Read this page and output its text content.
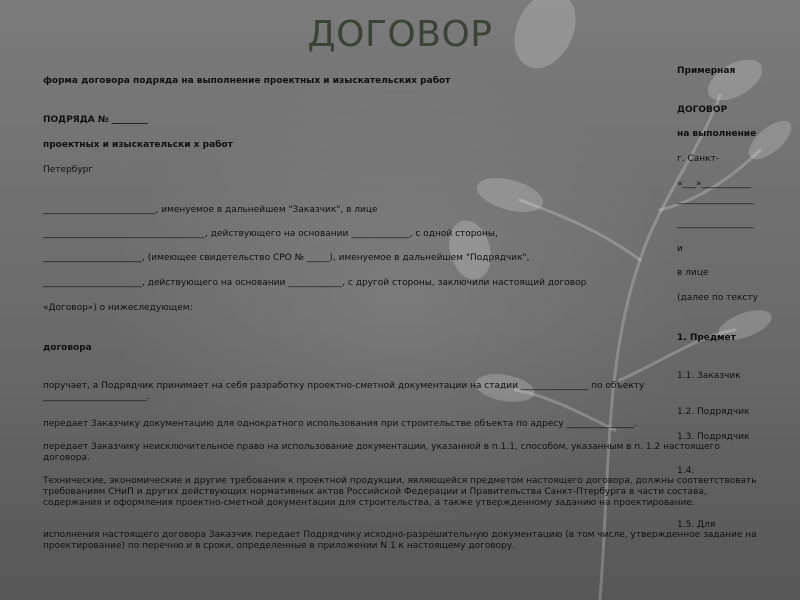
ДОГОВОР

форма договора подряда на выполнение проектных и изыскательских работ

ПОДРЯДА № ________

проектных и изыскательски х работ

Петербург

_________________________, именуемое в дальнейшем "Заказчик", в лице

____________________________________, действующего на основании _____________, с одной стороны,

______________________, (имеющее свидетельство СРО № _____), именуемое в дальнейшем "Подрядчик",

______________________, действующего на основании ____________, с другой стороны, заключили настоящий договор

«Договор») о нижеследующем:

договора

поручает, а Подрядчик принимает на себя разработку проектно-сметной документации на стадии _______________ по объекту

_______________________.

передает Заказчику документацию для однократного использования при строительстве объекта по адресу _______________.

передает Заказчику неисключительное право на использование документации, указанной в п.1.1, способом, указанным в п. 1.2 настоящего договора.

Технические, экономические и другие требования к проектной продукции, являющейся предметом настоящего договора, должны соответствовать требованиям СНиП и других действующих нормативных актов Российской Федерации и Правительства Санкт-Птербурга в части состава, содержания и оформления проектно-сметной документации для строительства, а также утвержденному заданию на проектирование.

исполнения настоящего договора Заказчик передает Подрядчику исходно-разрешительную документацию (в том числе, утвержденное задание на проектирование) по перечню и в сроки, определенные в приложении N 1 к настоящему договору.

Примерная

ДОГОВОР

на выполнение

г. Санкт-

«___»___________

_________________

_________________

и

в лице

(далее по тексту

1. Предмет

1.1. Заказчик

1.2. Подрядчик

1.3. Подрядчик

1.4.

1.5. Для
